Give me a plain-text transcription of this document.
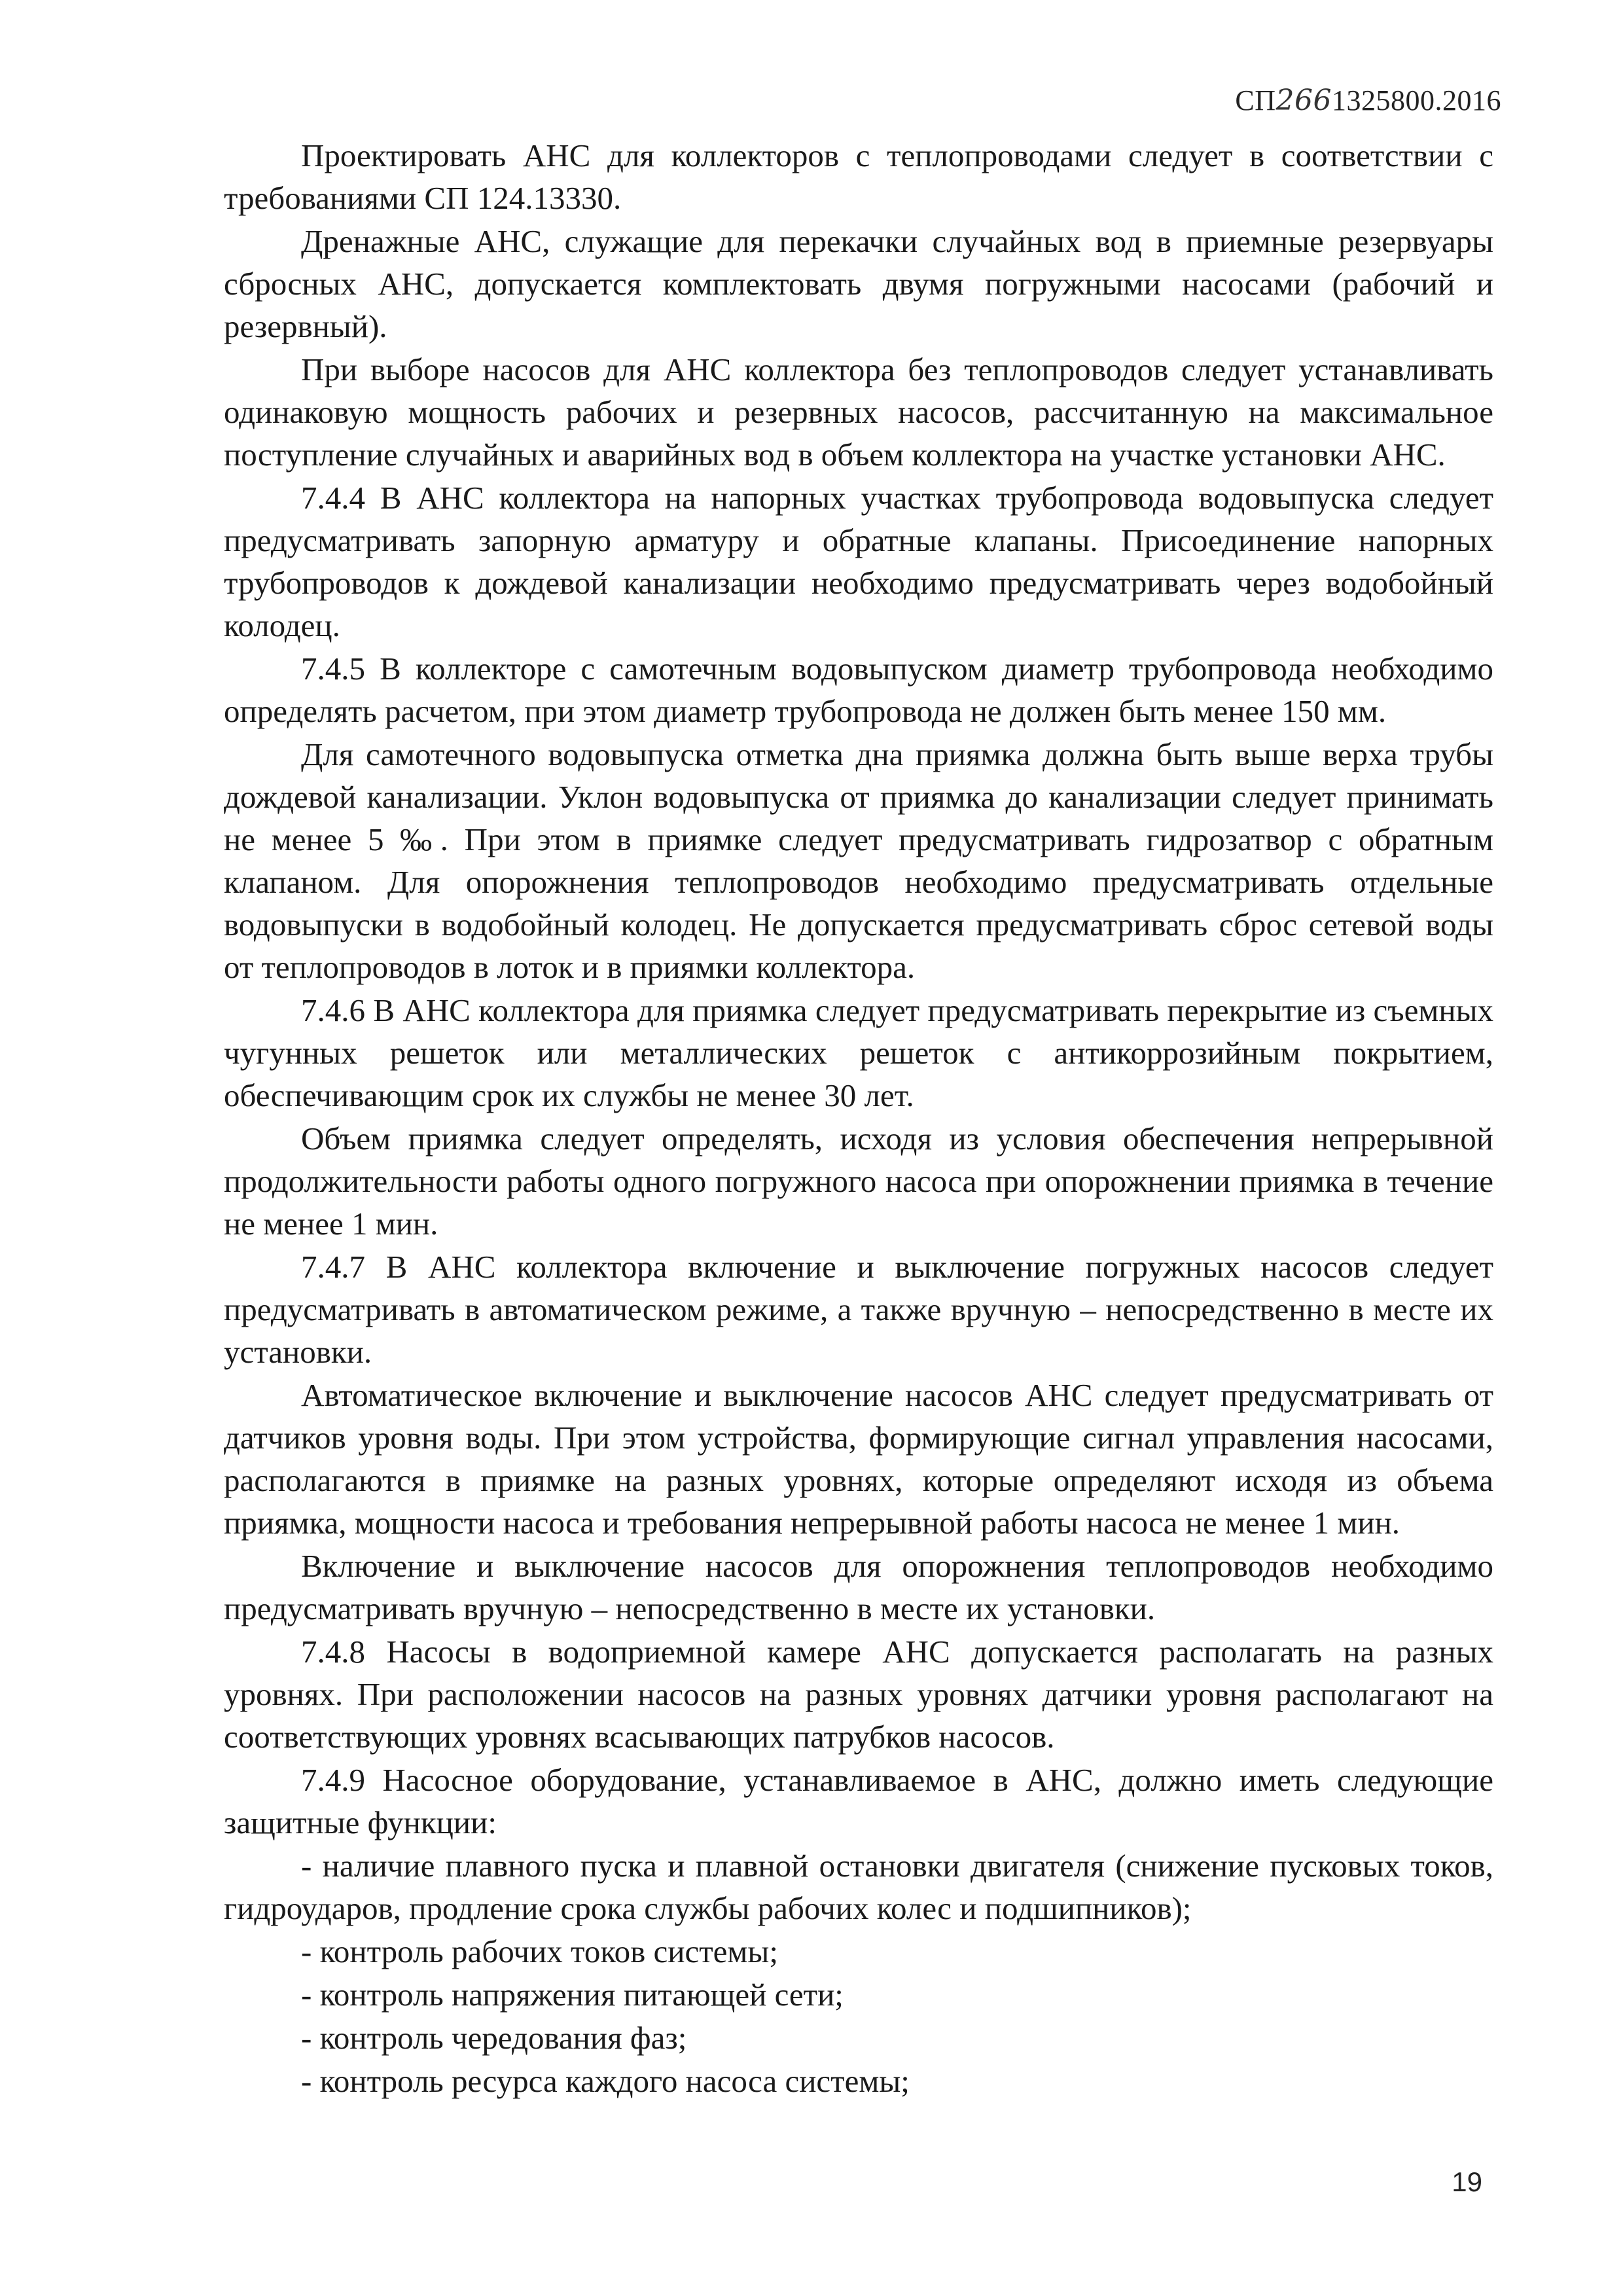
СП2661325800.2016

Проектировать АНС для коллекторов с теплопроводами следует в соответствии с требованиями СП 124.13330.

Дренажные АНС, служащие для перекачки случайных вод в приемные резервуары сбросных АНС, допускается комплектовать двумя погружными насосами (рабочий и резервный).

При выборе насосов для АНС коллектора без теплопроводов следует устанавливать одинаковую мощность рабочих и резервных насосов, рассчитанную на максимальное поступление случайных и аварийных вод в объем коллектора на участке установки АНС.

7.4.4 В АНС коллектора на напорных участках трубопровода водовыпуска следует предусматривать запорную арматуру и обратные клапаны. Присоединение напорных трубопроводов к дождевой канализации необходимо предусматривать через водобойный колодец.

7.4.5 В коллекторе с самотечным водовыпуском диаметр трубопровода необходимо определять расчетом, при этом диаметр трубопровода не должен быть менее 150 мм.

Для самотечного водовыпуска отметка дна приямка должна быть выше верха трубы дождевой канализации. Уклон водовыпуска от приямка до канализации следует принимать не менее 5 ‰. При этом в приямке следует предусматривать гидрозатвор с обратным клапаном. Для опорожнения теплопроводов необходимо предусматривать отдельные водовыпуски в водобойный колодец. Не допускается предусматривать сброс сетевой воды от теплопроводов в лоток и в приямки коллектора.

7.4.6 В АНС коллектора для приямка следует предусматривать перекрытие из съемных чугунных решеток или металлических решеток с антикоррозийным покрытием, обеспечивающим срок их службы не менее 30 лет.

Объем приямка следует определять, исходя из условия обеспечения непрерывной продолжительности работы одного погружного насоса при опорожнении приямка в течение не менее 1 мин.

7.4.7 В АНС коллектора включение и выключение погружных насосов следует предусматривать в автоматическом режиме, а также вручную – непосредственно в месте их установки.

Автоматическое включение и выключение насосов АНС следует предусматривать от датчиков уровня воды. При этом устройства, формирующие сигнал управления насосами, располагаются в приямке на разных уровнях, которые определяют исходя из объема приямка, мощности насоса и требования непрерывной работы насоса не менее 1 мин.

Включение и выключение насосов для опорожнения теплопроводов необходимо предусматривать вручную – непосредственно в месте их установки.

7.4.8 Насосы в водоприемной камере АНС допускается располагать на разных уровнях. При расположении насосов на разных уровнях датчики уровня располагают на соответствующих уровнях всасывающих патрубков насосов.

7.4.9 Насосное оборудование, устанавливаемое в АНС, должно иметь следующие защитные функции:

- наличие плавного пуска и плавной остановки двигателя (снижение пусковых токов, гидроударов, продление срока службы рабочих колес и подшипников);

- контроль рабочих токов системы;

- контроль напряжения питающей сети;

- контроль чередования фаз;

- контроль ресурса каждого насоса системы;

19
